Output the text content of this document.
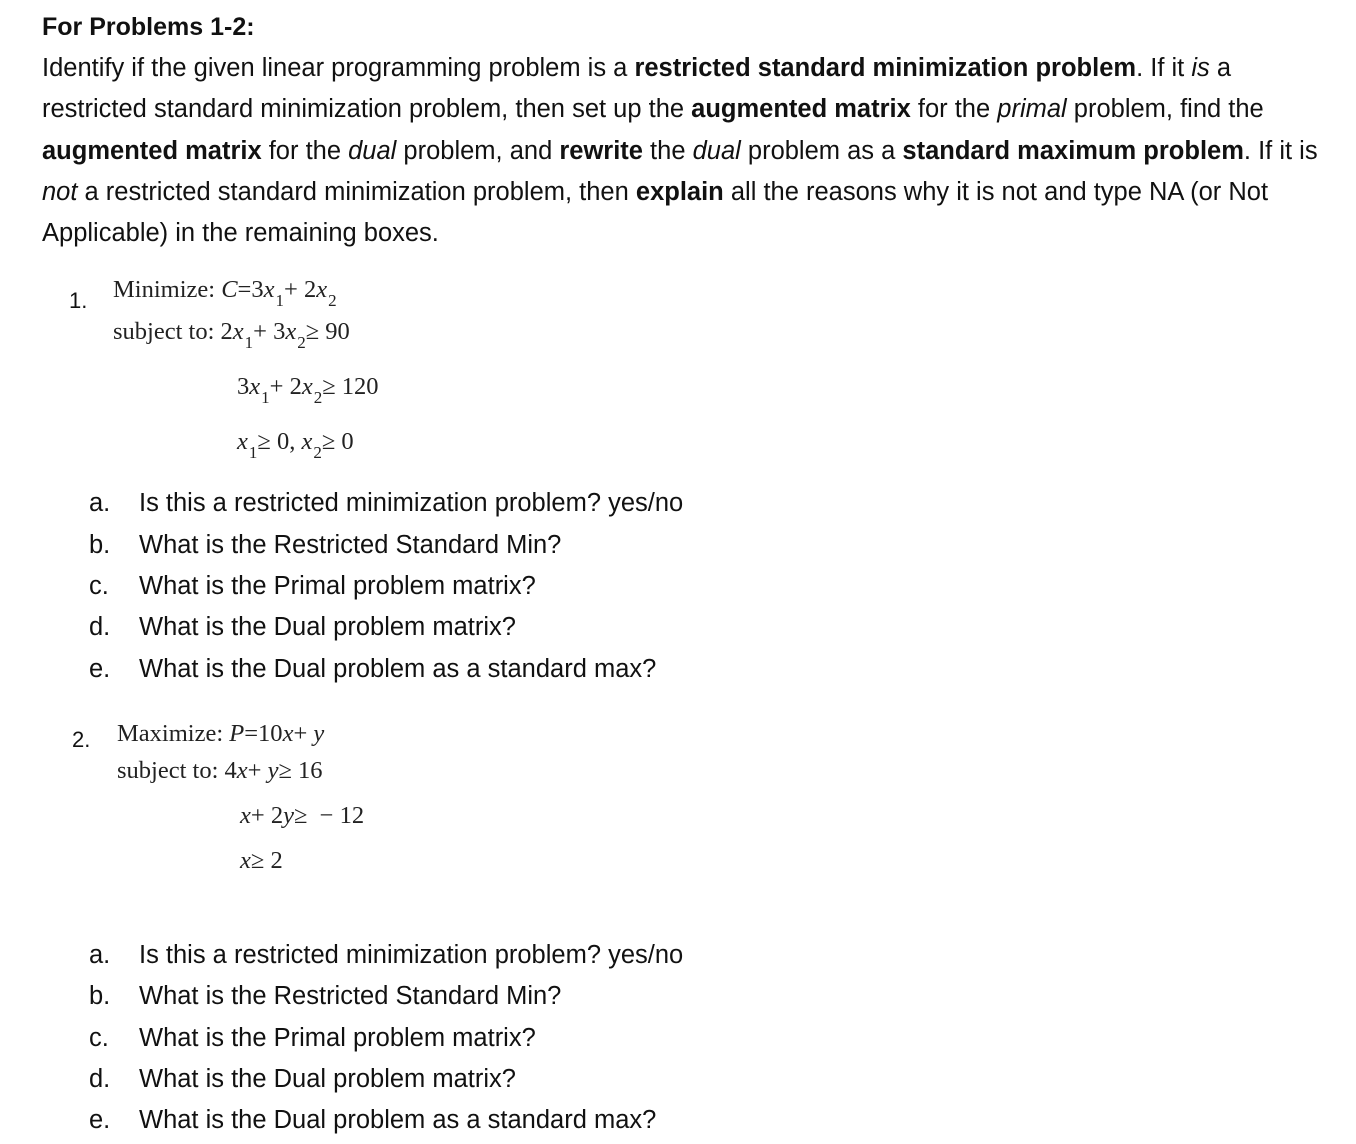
For Problems 1-2:
Identify if the given linear programming problem is a restricted standard minimization problem. If it is a restricted standard minimization problem, then set up the augmented matrix for the primal problem, find the augmented matrix for the dual problem, and rewrite the dual problem as a standard maximum problem. If it is not a restricted standard minimization problem, then explain all the reasons why it is not and type NA (or Not Applicable) in the remaining boxes.
1. Minimize: $C=3x_1+ 2x_2$
subject to: $2x_1+ 3x_2\ge 90$
$3x_1+ 2x_2\ge 120$
$x_1\ge 0$, $x_2\ge 0$
a. Is this a restricted minimization problem? yes/no
b. What is the Restricted Standard Min?
c. What is the Primal problem matrix?
d. What is the Dual problem matrix?
e. What is the Dual problem as a standard max?
2. Maximize: P=10x+ y
subject to: 4x+ y≥ 16
x+ 2y≥  − 12
x≥ 2
a. Is this a restricted minimization problem? yes/no
b. What is the Restricted Standard Min?
c. What is the Primal problem matrix?
d. What is the Dual problem matrix?
e. What is the Dual problem as a standard max?
